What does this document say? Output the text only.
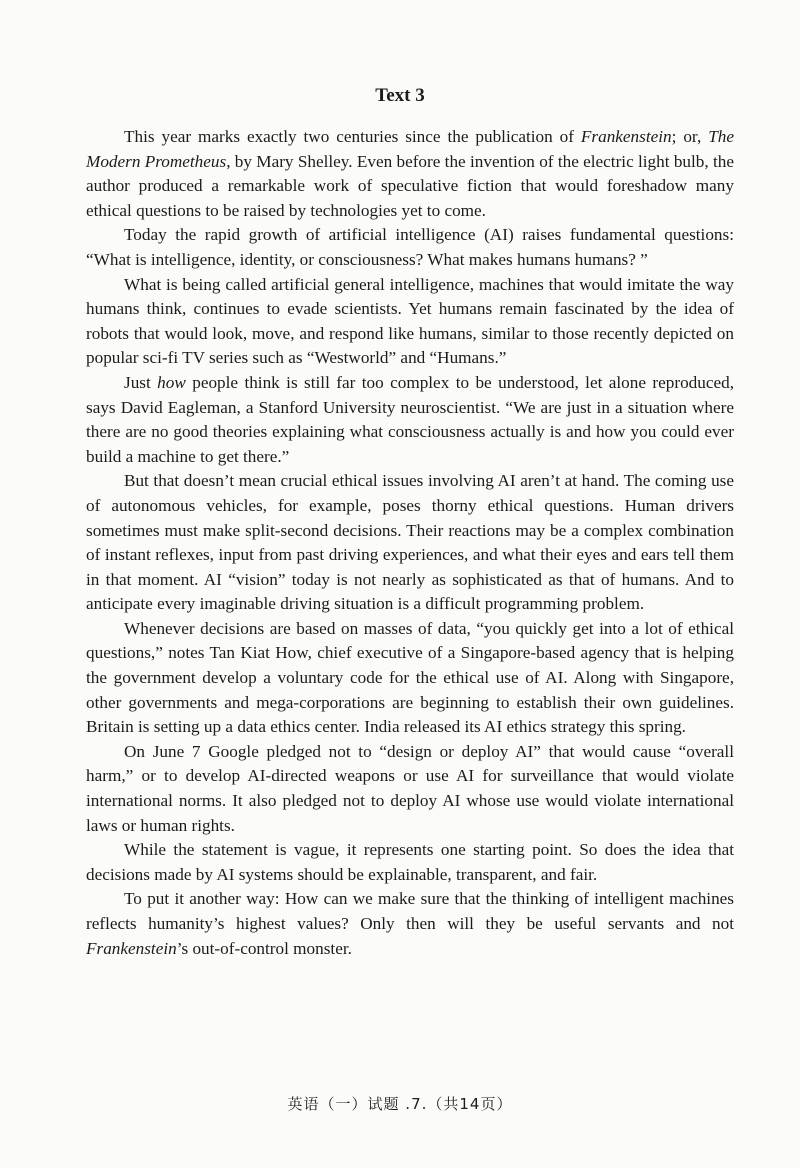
Text 3

This year marks exactly two centuries since the publication of Frankenstein; or, The Modern Prometheus, by Mary Shelley. Even before the invention of the electric light bulb, the author produced a remarkable work of speculative fiction that would foreshadow many ethical questions to be raised by technologies yet to come.

Today the rapid growth of artificial intelligence (AI) raises fundamental questions: “What is intelligence, identity, or consciousness? What makes humans humans? ”

What is being called artificial general intelligence, machines that would imitate the way humans think, continues to evade scientists. Yet humans remain fascinated by the idea of robots that would look, move, and respond like humans, similar to those recently depicted on popular sci-fi TV series such as “Westworld” and “Humans.”

Just how people think is still far too complex to be understood, let alone reproduced, says David Eagleman, a Stanford University neuroscientist. “We are just in a situation where there are no good theories explaining what consciousness actually is and how you could ever build a machine to get there.”

But that doesn’t mean crucial ethical issues involving AI aren’t at hand. The coming use of autonomous vehicles, for example, poses thorny ethical questions. Human drivers sometimes must make split-second decisions. Their reactions may be a complex combination of instant reflexes, input from past driving experiences, and what their eyes and ears tell them in that moment. AI “vision” today is not nearly as sophisticated as that of humans. And to anticipate every imaginable driving situation is a difficult programming problem.

Whenever decisions are based on masses of data, “you quickly get into a lot of ethical questions,” notes Tan Kiat How, chief executive of a Singapore-based agency that is helping the government develop a voluntary code for the ethical use of AI. Along with Singapore, other governments and mega-corporations are beginning to establish their own guidelines. Britain is setting up a data ethics center. India released its AI ethics strategy this spring.

On June 7 Google pledged not to “design or deploy AI” that would cause “overall harm,” or to develop AI-directed weapons or use AI for surveillance that would violate international norms. It also pledged not to deploy AI whose use would violate international laws or human rights.

While the statement is vague, it represents one starting point. So does the idea that decisions made by AI systems should be explainable, transparent, and fair.

To put it another way: How can we make sure that the thinking of intelligent machines reflects humanity’s highest values? Only then will they be useful servants and not Frankenstein’s out-of-control monster.

英语（一）试题 .7.（共14页）
